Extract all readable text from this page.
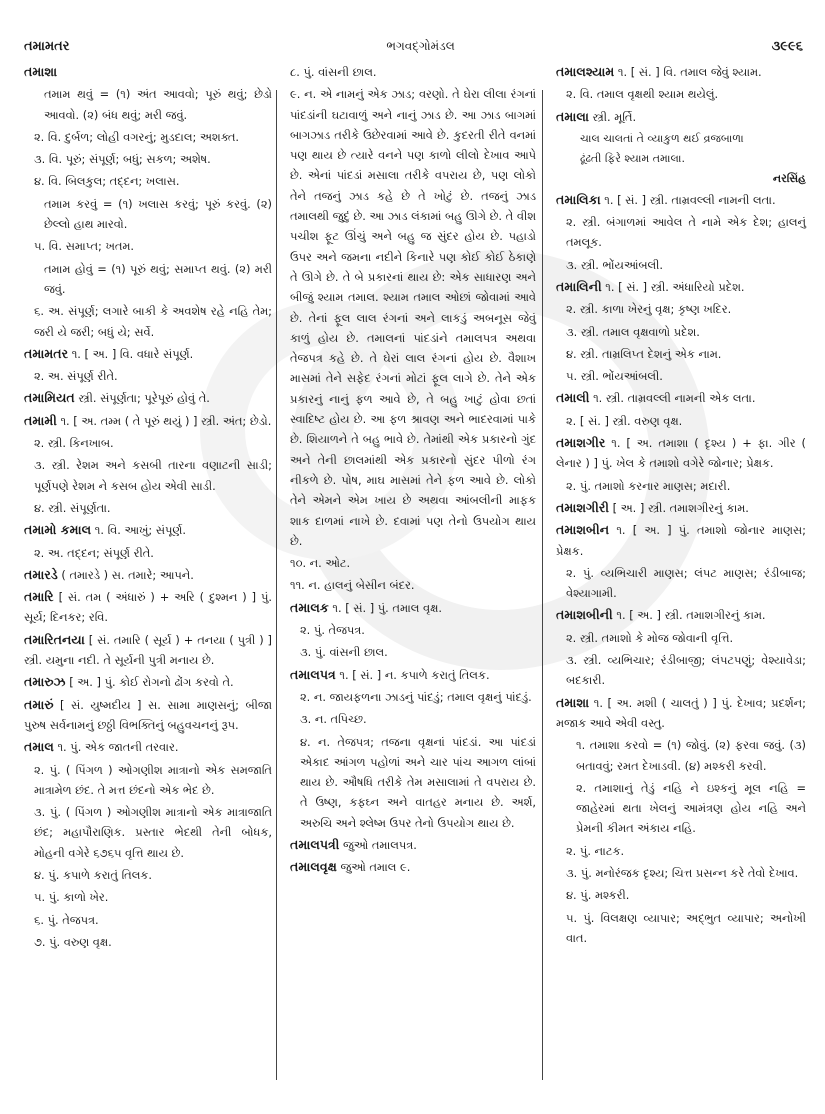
તમામતર	ભગવદ્ગોમંડલ	૩૯૯૬
તમાશા
તમામ થવું = (૧) અંત આવવો; પૂરું થવું; છેડો આવવો. (૨) બંધ થવું; મરી જવું.
૨. વિ. દુર્બળ; લોહી વગરનું; મુડદાલ; અશક્ત.
૩. વિ. પૂરું; સંપૂર્ણ; બધું; સકળ; અશેષ.
૪. વિ. બિલકુલ; તદ્દન; ખલાસ.
તમામ કરવું = (૧) ખલાસ કરવું; પૂરું કરવું. (૨) છેલ્લો હાથ મારવો.
૫. વિ. સમાપ્ત; ખતમ.
તમામ હોવું = (૧) પૂરું થવું; સમાપ્ત થવું. (૨) મરી જવું.
૬. અ. સંપૂર્ણ; લગારે બાકી કે અવશેષ રહે નહિ તેમ; જરી યે જરી; બધું યે; સર્વે.
તમામતર ૧. [ અ. ] વિ. વધારે સંપૂર્ણ.
૨. અ. સંપૂર્ણ રીતે.
તમામિયત સ્ત્રી. સંપૂર્ણતા; પૂરેપૂરું હોવું તે.
તમામી ૧. [ અ. તમ્મ ( તે પૂરું થયું ) ] સ્ત્રી. અંત; છેડો.
૨. સ્ત્રી. કિનખાબ.
૩. સ્ત્રી. રેશમ અને કસબી તારના વણાટની સાડી; પૂર્ણપણે રેશમ ને કસબ હોય એવી સાડી.
૪. સ્ત્રી. સંપૂર્ણતા.
તમામો કમાલ ૧. વિ. આખું; સંપૂર્ણ.
૨. અ. તદ્દન; સંપૂર્ણ રીતે.
તમારડે ( તમારડે ) સ. તમારે; આપને.
તમારિ [ સં. તમ ( અંધારું ) + અરિ ( દુશ્મન ) ] પું. સૂર્ય; દિનકર; રવિ.
તમારિતનયા [ સં. તમારિ ( સૂર્ય ) + તનયા ( પુત્રી ) ] સ્ત્રી. યમુના નદી. તે સૂર્યની પુત્રી મનાય છે.
તમારુઝ [ અ. ] પું. કોઈ રોગનો ઢોંગ કરવો તે.
તમારું [ સં. યુષ્મદીય ] સ. સામા માણસનું; બીજા પુરુષ સર્વનામનું છઠ્ઠી વિભક્તિનું બહુવચનનું રૂપ.
તમાલ ૧. પું. એક જાતની તરવાર.
૨. પું. ( પિંગળ ) ઓગણીશ માત્રાનો એક સમજાતિ માત્રામેળ છંદ. તે મત્ત છંદનો એક ભેદ છે.
૩. પું. ( પિંગળ ) ઓગણીશ માત્રાનો એક માત્રાજાતિ છંદ; મહાપૌરાણિક. પ્રસ્તાર ભેદથી તેની બોધક, મોહની વગેરે ૬૭૬૫ વૃત્તિ થાય છે.
૪. પું. કપાળે કરાતું તિલક.
૫. પું. કાળો ખેર.
૬. પું. તેજપત્ર.
૭. પું. વરુણ વૃક્ષ.
૮. પું. વાંસની છાલ.
૯. ન. એ નામનું એક ઝાડ; વરણો. તે ઘેરા લીલા રંગનાં પાંદડાંની ઘટાવાળું અને નાનું ઝાડ છે. આ ઝાડ બાગમાં બાગઝાડ તરીકે ઉછેરવામાં આવે છે. કુદરતી રીતે વનમાં પણ થાય છે ત્યારે વનને પણ કાળો લીલો દેખાવ આપે છે. એનાં પાંદડાં મસાલા તરીકે વપરાય છે, પણ લોકો તેને તજનું ઝાડ કહે છે તે ખોટું છે. તજનું ઝાડ તમાલથી જુદું છે. આ ઝાડ લંકામાં બહુ ઊગે છે. તે વીશ પચીશ ફૂટ ઊંચું અને બહુ જ સુંદર હોય છે. પહાડો ઉપર અને જમના નદીને કિનારે પણ કોઈ કોઈ ઠેકાણે તે ઊગે છે. તે બે પ્રકારનાં થાય છે: એક સાધારણ અને બીજું શ્યામ તમાલ. શ્યામ તમાલ ઓછાં જોવામાં આવે છે. તેનાં ફૂલ લાલ રંગનાં અને લાકડું અબનૂસ જેવું કાળું હોય છે. તમાલનાં પાંદડાંને તમાલપત્ર અથવા તેજપત્ર કહે છે. તે ઘેરાં લાલ રંગનાં હોય છે. વૈશાખ માસમાં તેને સફેદ રંગનાં મોટાં ફૂલ લાગે છે. તેને એક પ્રકારનું નાનું ફળ આવે છે, તે બહુ ખાટું હોવા છતાં સ્વાદિષ્ટ હોય છે. આ ફળ શ્રાવણ અને ભાદરવામાં પાકે છે. શિયાળને તે બહુ ભાવે છે. તેમાંથી એક પ્રકારનો ગુંદ અને તેની છાલમાંથી એક પ્રકારનો સુંદર પીળો રંગ નીકળે છે. પોષ, માઘ માસમાં તેને ફળ આવે છે. લોકો તેને એમને એમ ખાય છે અથવા આંબલીની માફક શાક દાળમાં નાખે છે. દવામાં પણ તેનો ઉપયોગ થાય છે.
૧૦. ન. ઓટ.
૧૧. ન. હાલનું બેસીન બંદર.
તમાલક ૧. [ સં. ] પું. તમાલ વૃક્ષ.
૨. પું. તેજપત્ર.
૩. પું. વાંસની છાલ.
તમાલપત્ર ૧. [ સં. ] ન. કપાળે કરાતું તિલક.
૨. ન. જાયફળના ઝાડનું પાંદડું; તમાલ વૃક્ષનું પાંદડું.
૩. ન. તપિચ્છ.
૪. ન. તેજપત્ર; તજના વૃક્ષનાં પાંદડાં. આ પાંદડાં એકાદ આંગળ પહોળાં અને ચાર પાંચ આગળ લાંબાં થાય છે. ઔષધિ તરીકે તેમ મસાલામાં તે વપરાય છે. તે ઉષ્ણ, કફઘ્ન અને વાતહર મનાય છે. અર્શ, અરુચિ અને શ્લેષ્મ ઉપર તેનો ઉપયોગ થાય છે.
તમાલપત્રી જુઓ તમાલપત્ર.
તમાલવૃક્ષ જુઓ તમાલ ૯.
તમાલશ્યામ ૧. [ સં. ] વિ. તમાલ જેવું શ્યામ.
૨. વિ. તમાલ વૃક્ષથી શ્યામ થયેલું.
તમાલા સ્ત્રી. મૂર્તિ.
ચાલ ચાલતાં તે વ્યાકુળ થઈ વ્રજબાળા
ઢૂંઢતી ફિરે શ્યામ તમાલા.
નરસિંહ
તમાલિકા ૧. [ સં. ] સ્ત્રી. તામ્રવલ્લી નામની લતા.
૨. સ્ત્રી. બંગાળમાં આવેલ તે નામે એક દેશ; હાલનું તમલૂક.
૩. સ્ત્રી. ભોંયઆંબલી.
તમાલિની ૧. [ સં. ] સ્ત્રી. અંધારિયો પ્રદેશ.
૨. સ્ત્રી. કાળા ખેરનું વૃક્ષ; કૃષ્ણ ખદિર.
૩. સ્ત્રી. તમાલ વૃક્ષવાળો પ્રદેશ.
૪. સ્ત્રી. તામ્રલિપ્ત દેશનું એક નામ.
૫. સ્ત્રી. ભોંયઆંબલી.
તમાલી ૧. સ્ત્રી. તામ્રવલ્લી નામની એક લતા.
૨. [ સં. ] સ્ત્રી. વરુણ વૃક્ષ.
તમાશગીર ૧. [ અ. તમાશા ( દૃશ્ય ) + ફા. ગીર ( લેનાર ) ] પું. ખેલ કે તમાશો વગેરે જોનાર; પ્રેક્ષક.
૨. પું. તમાશો કરનાર માણસ; મદારી.
તમાશગીરી [ અ. ] સ્ત્રી. તમાશગીરનું કામ.
તમાશબીન ૧. [ અ. ] પું. તમાશો જોનાર માણસ; પ્રેક્ષક.
૨. પું. વ્યભિચારી માણસ; લંપટ માણસ; રંડીબાજ; વેશ્યાગામી.
તમાશબીની ૧. [ અ. ] સ્ત્રી. તમાશગીરનું કામ.
૨. સ્ત્રી. તમાશો કે મોજ જોવાની વૃત્તિ.
૩. સ્ત્રી. વ્યભિચાર; રંડીબાજી; લંપટપણું; વેશ્યાવેડા; બદકારી.
તમાશા ૧. [ અ. મશી ( ચાલતું ) ] પું. દેખાવ; પ્રદર્શન; મજાક આવે એવી વસ્તુ.
૧. તમાશા કરવો = (૧) જોવું. (૨) ફરવા જવું. (૩) બતાવવું; રમત દેખાડવી. (૪) મશ્કરી કરવી.
૨. તમાશાનું તેડું નહિ ને ઇશ્કનું મૂલ નહિ = જાહેરમાં થતા ખેલનું આમંત્રણ હોય નહિ અને પ્રેમની કીમત અંકાય નહિ.
૨. પું. નાટક.
૩. પું. મનોરંજક દૃશ્ય; ચિત્ત પ્રસન્ન કરે તેવો દેખાવ.
૪. પું. મશ્કરી.
૫. પું. વિલક્ષણ વ્યાપાર; અદ્ભુત વ્યાપાર; અનોખી વાત.
